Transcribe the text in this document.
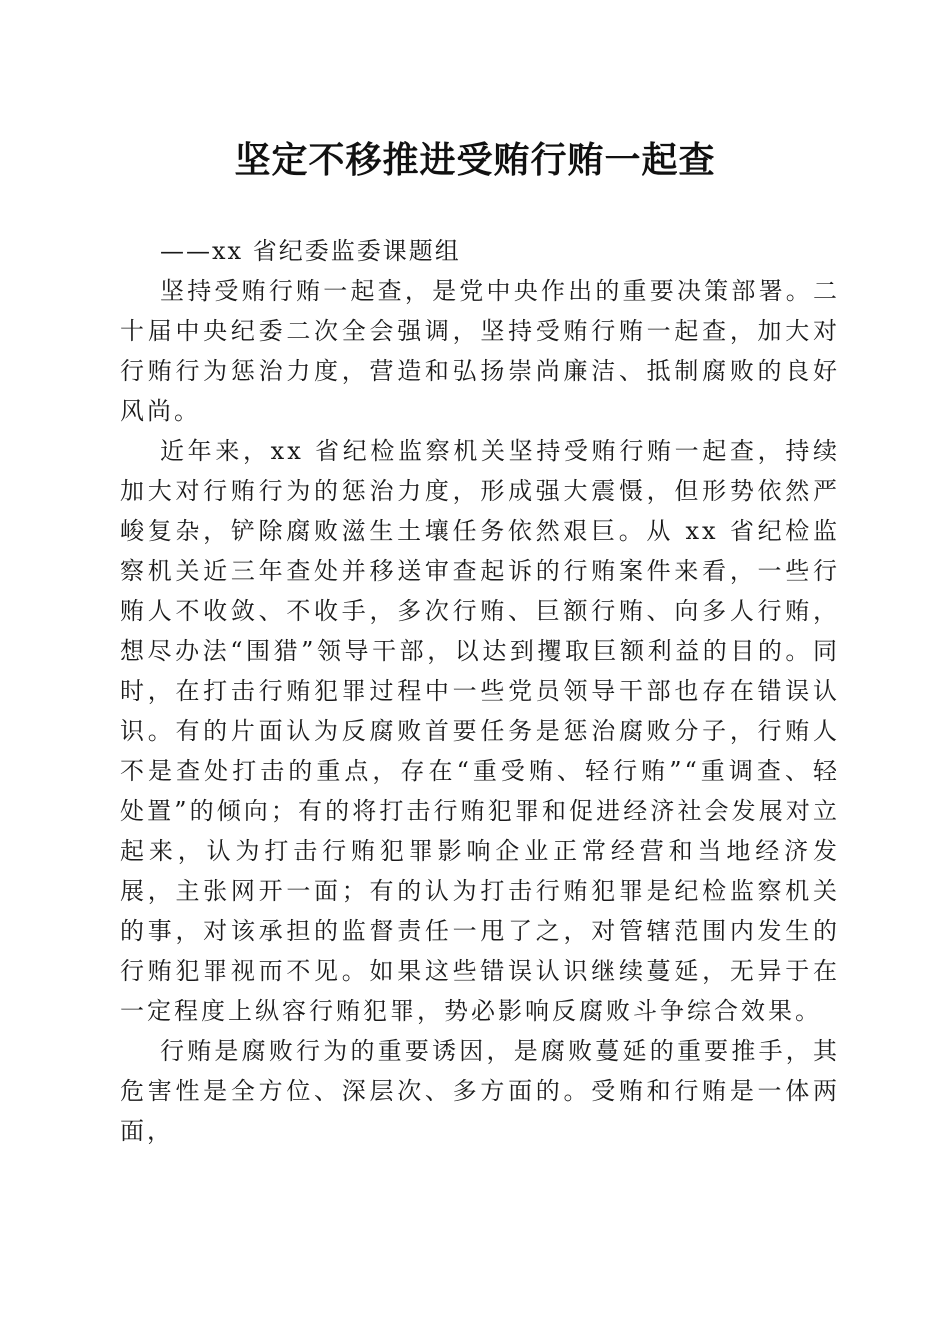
坚定不移推进受贿行贿一起查
——xx 省纪委监委课题组

坚持受贿行贿一起查，是党中央作出的重要决策部署。二十届中央纪委二次全会强调，坚持受贿行贿一起查，加大对行贿行为惩治力度，营造和弘扬崇尚廉洁、抵制腐败的良好风尚。

近年来，xx 省纪检监察机关坚持受贿行贿一起查，持续加大对行贿行为的惩治力度，形成强大震慑，但形势依然严峻复杂，铲除腐败滋生土壤任务依然艰巨。从 xx 省纪检监察机关近三年查处并移送审查起诉的行贿案件来看，一些行贿人不收敛、不收手，多次行贿、巨额行贿、向多人行贿，想尽办法“围猎”领导干部，以达到攫取巨额利益的目的。同时，在打击行贿犯罪过程中一些党员领导干部也存在错误认识。有的片面认为反腐败首要任务是惩治腐败分子，行贿人不是查处打击的重点，存在“重受贿、轻行贿”“重调查、轻处置”的倾向；有的将打击行贿犯罪和促进经济社会发展对立起来，认为打击行贿犯罪影响企业正常经营和当地经济发展，主张网开一面；有的认为打击行贿犯罪是纪检监察机关的事，对该承担的监督责任一甩了之，对管辖范围内发生的行贿犯罪视而不见。如果这些错误认识继续蔓延，无异于在一定程度上纵容行贿犯罪，势必影响反腐败斗争综合效果。

行贿是腐败行为的重要诱因，是腐败蔓延的重要推手，其危害性是全方位、深层次、多方面的。受贿和行贿是一体两面，
